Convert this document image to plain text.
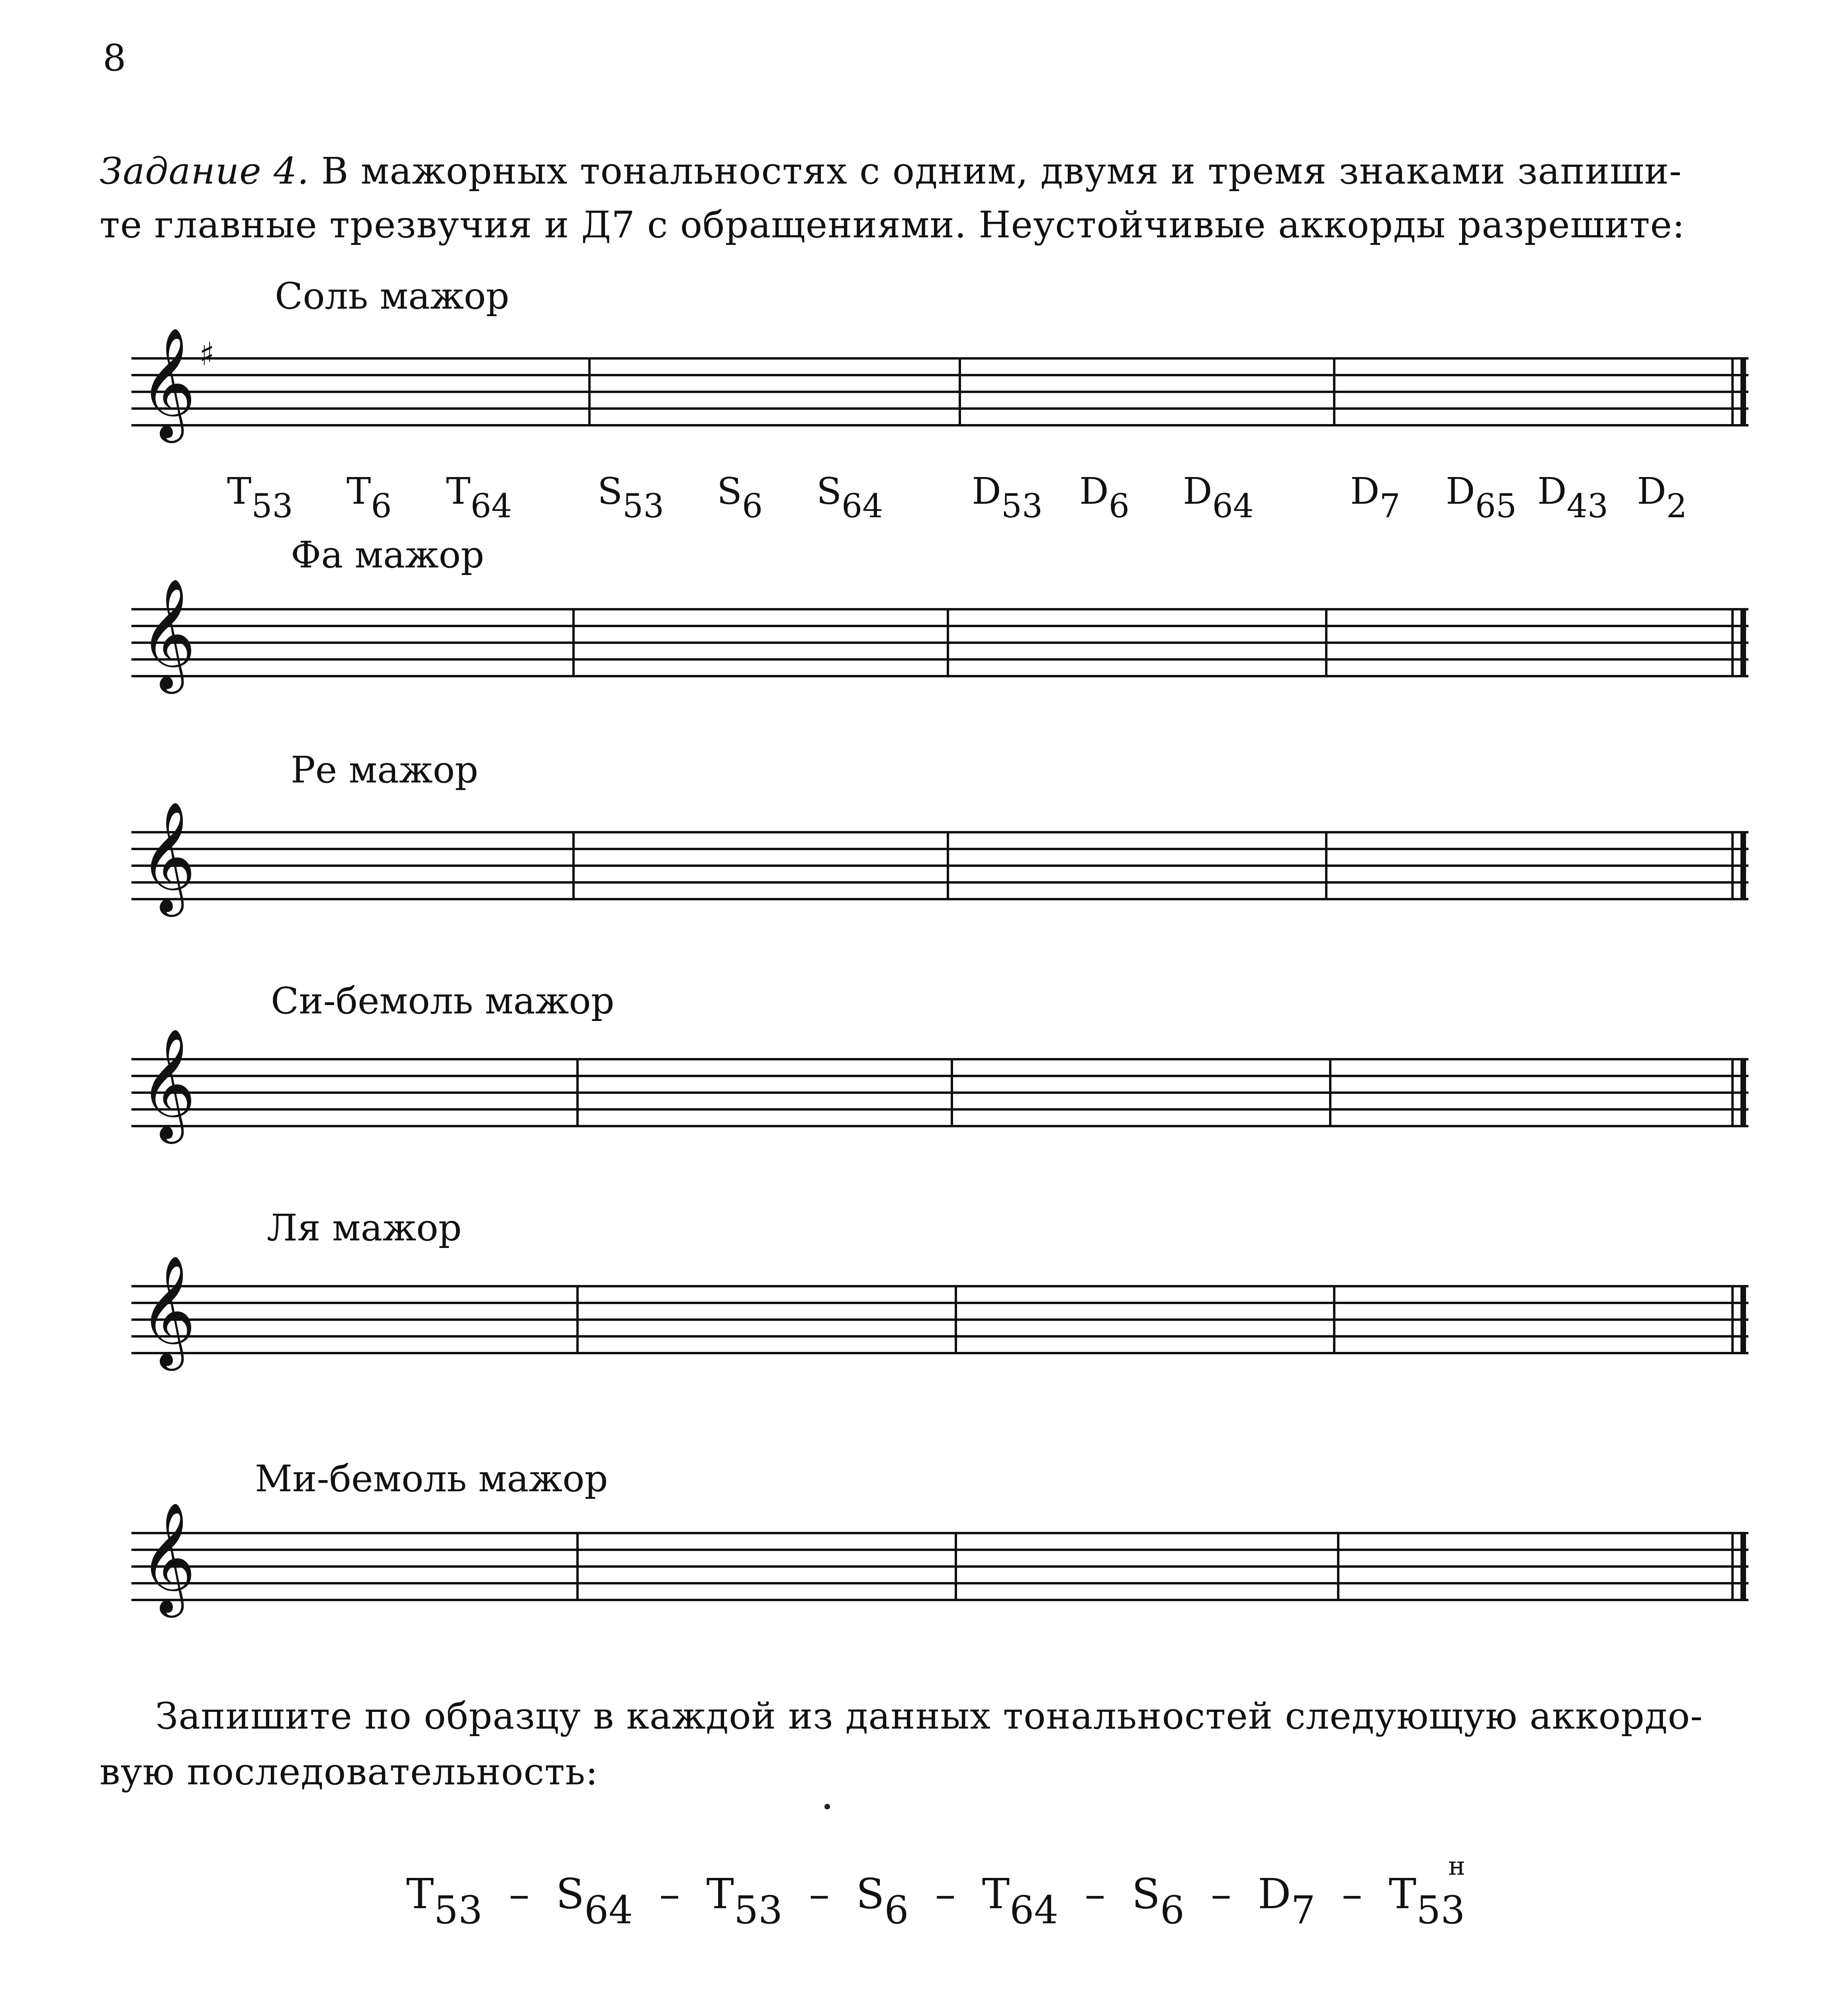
8
Задание 4. В мажорных тональностях с одним, двумя и тремя знаками запиши-
те главные трезвучия и Д7 с обращениями. Неустойчивые аккорды разрешите:
Соль мажор
Фа мажор
Ре мажор
Си-бемоль мажор
Ля мажор
Ми-бемоль мажор
𝄞 ♯
𝄞
𝄞
𝄞
𝄞
𝄞
$T_{53}$ $T_6$ $T_{64}$ $S_{53}$ $S_6$ $S_{64}$ $D_{53}$ $D_6$ $D_{64}$	$D_7$ $D_{65}$ $D_{43}$ $D_2$
Запишите по образцу в каждой из данных тональностей следующую аккордо-
вую последовательность:
$T_{53} - S_{64} - T_{53} - S_6 - T_{64} - S_6 - D_7 - T_{53}^н$
